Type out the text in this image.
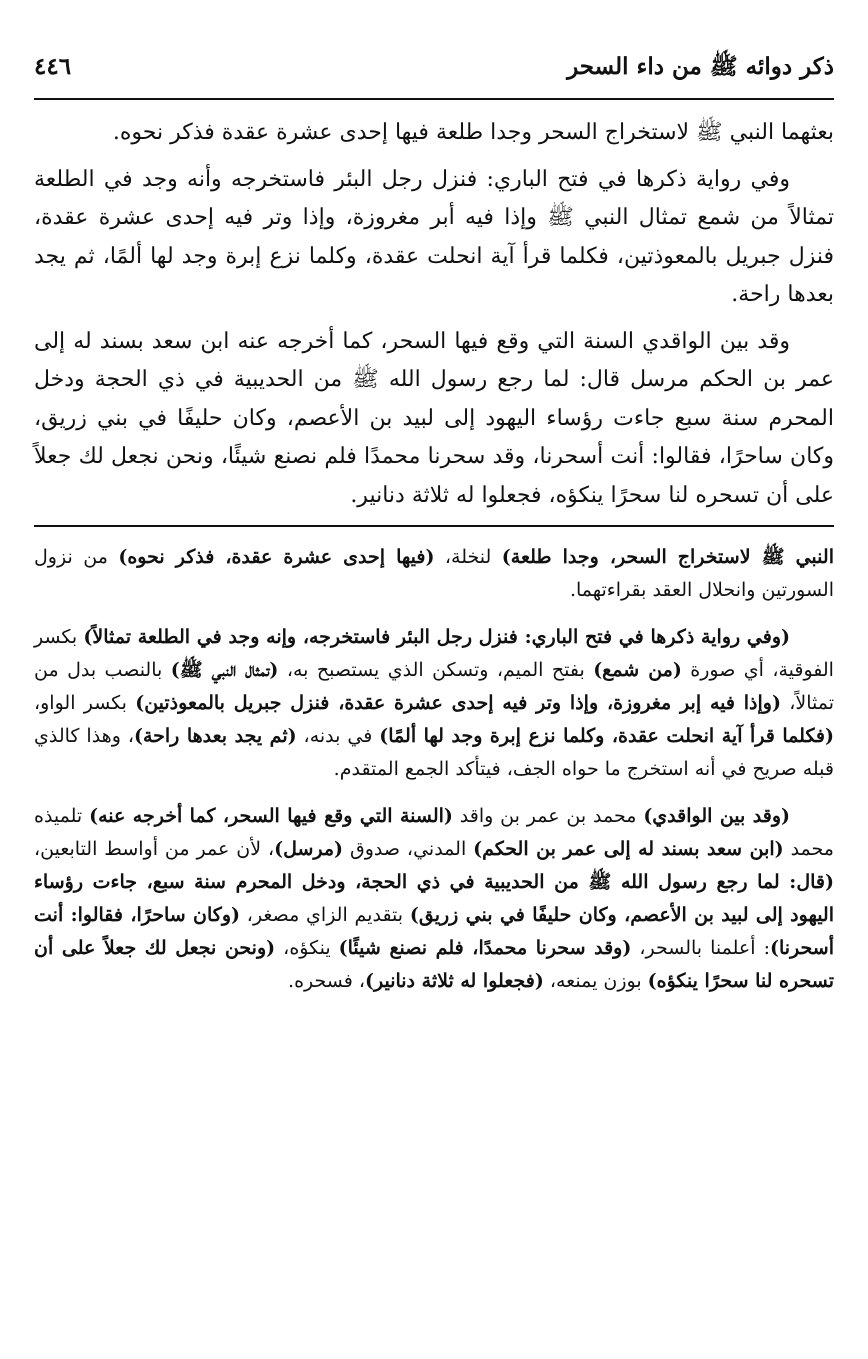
ذكر دوائه ﷺ من داء السحر
٤٤٦

بعثهما النبي ﷺ لاستخراج السحر وجدا طلعة فيها إحدى عشرة عقدة فذكر نحوه.

وفي رواية ذكرها في فتح الباري: فنزل رجل البئر فاستخرجه وأنه وجد في الطلعة تمثالاً من شمع تمثال النبي ﷺ وإذا فيه أبر مغروزة، وإذا وتر فيه إحدى عشرة عقدة، فنزل جبريل بالمعوذتين، فكلما قرأ آية انحلت عقدة، وكلما نزع إبرة وجد لها ألمًا، ثم يجد بعدها راحة.

وقد بين الواقدي السنة التي وقع فيها السحر، كما أخرجه عنه ابن سعد بسند له إلى عمر بن الحكم مرسل قال: لما رجع رسول الله ﷺ من الحديبية في ذي الحجة ودخل المحرم سنة سبع جاءت رؤساء اليهود إلى لبيد بن الأعصم، وكان حليفًا في بني زريق، وكان ساحرًا، فقالوا: أنت أسحرنا، وقد سحرنا محمدًا فلم نصنع شيئًا، ونحن نجعل لك جعلاً على أن تسحره لنا سحرًا ينكؤه، فجعلوا له ثلاثة دنانير.

النبي ﷺ لاستخراج السحر، وجدا طلعة) لنخلة، (فيها إحدى عشرة عقدة، فذكر نحوه) من نزول السورتين وانحلال العقد بقراءتهما.

(وفي رواية ذكرها في فتح الباري: فنزل رجل البئر فاستخرجه، وإنه وجد في الطلعة تمثالاً) بكسر الفوقية، أي صورة (من شمع) بفتح الميم، وتسكن الذي يستصبح به، (تمثال النبي ﷺ) بالنصب بدل من تمثالاً، (وإذا فيه إبر مغروزة، وإذا وتر فيه إحدى عشرة عقدة، فنزل جبريل بالمعوذتين) بكسر الواو، (فكلما قرأ آية انحلت عقدة، وكلما نزع إبرة وجد لها ألمًا) في بدنه، (ثم يجد بعدها راحة)، وهذا كالذي قبله صريح في أنه استخرج ما حواه الجف، فيتأكد الجمع المتقدم.

(وقد بين الواقدي) محمد بن عمر بن واقد (السنة التي وقع فيها السحر، كما أخرجه عنه) تلميذه محمد (ابن سعد بسند له إلى عمر بن الحكم) المدني، صدوق (مرسل)، لأن عمر من أواسط التابعين، (قال: لما رجع رسول الله ﷺ من الحديبية في ذي الحجة، ودخل المحرم سنة سبع، جاءت رؤساء اليهود إلى لبيد بن الأعصم، وكان حليفًا في بني زريق) بتقديم الزاي مصغر، (وكان ساحرًا، فقالوا: أنت أسحرنا): أعلمنا بالسحر، (وقد سحرنا محمدًا، فلم نصنع شيئًا) ينكؤه، (ونحن نجعل لك جعلاً على أن تسحره لنا سحرًا ينكؤه) بوزن يمنعه، (فجعلوا له ثلاثة دنانير)، فسحره.
